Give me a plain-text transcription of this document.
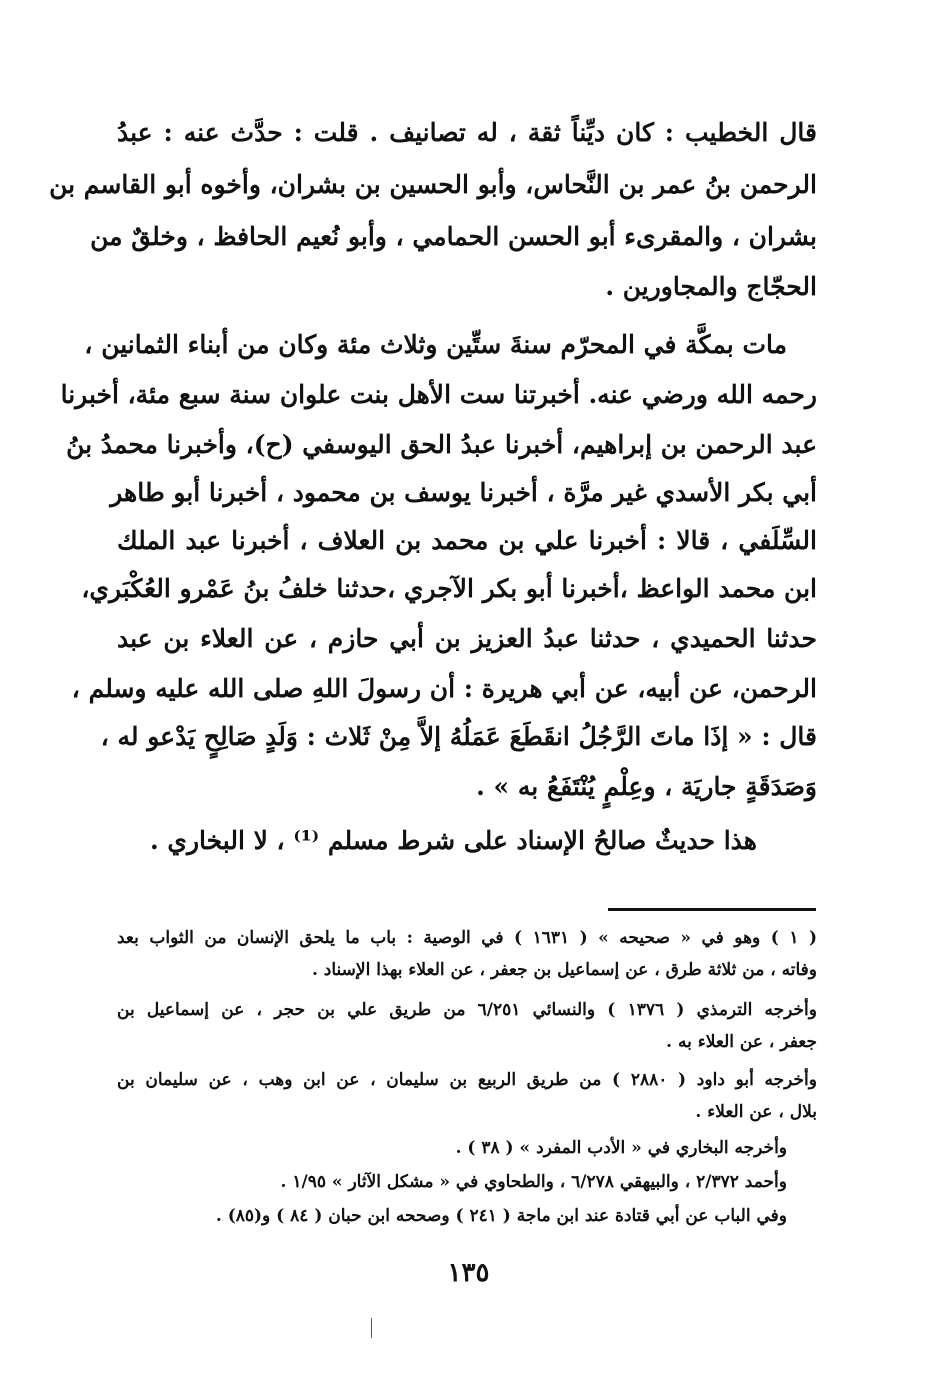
قال الخطيب : كان ديِّناً ثقة ، له تصانيف . قلت : حدَّث عنه : عبدُ
الرحمن بنُ عمر بن النَّحاس، وأبو الحسين بن بشران، وأخوه أبو القاسم بن
بشران ، والمقرىء أبو الحسن الحمامي ، وأبو نُعيم الحافظ ، وخلقٌ من
الحجّاج والمجاورين .
مات بمكَّة في المحرّم سنةَ ستِّين وثلاث مئة وكان من أبناء الثمانين ،
رحمه الله ورضي عنه. أخبرتنا ست الأهل بنت علوان سنة سبع مئة، أخبرنا
عبد الرحمن بن إبراهيم، أخبرنا عبدُ الحق اليوسفي (ح)، وأخبرنا محمدُ بنُ
أبي بكر الأسدي غير مرَّة ، أخبرنا يوسف بن محمود ، أخبرنا أبو طاهر
السِّلَفي ، قالا : أخبرنا علي بن محمد بن العلاف ، أخبرنا عبد الملك
ابن محمد الواعظ ،أخبرنا أبو بكر الآجري ،حدثنا خلفُ بنُ عَمْرو العُكْبَري،
حدثنا الحميدي ، حدثنا عبدُ العزيز بن أبي حازم ، عن العلاء بن عبد
الرحمن، عن أبيه، عن أبي هريرة : أن رسولَ اللهِ صلى الله عليه وسلم ،
قال : « إذَا ماتَ الرَّجُلُ انقَطَعَ عَمَلُهُ إلاَّ مِنْ ثَلاث : وَلَدٍ صَالِحٍ يَدْعو له ،
وَصَدَقَةٍ جاريَة ، وعِلْمٍ يُنْتَفَعُ به » .
هذا حديثٌ صالحُ الإسناد على شرط مسلم ⁽¹⁾ ، لا البخاري .
( ١ ) وهو في « صحيحه » ( ١٦٣١ ) في الوصية : باب ما يلحق الإنسان من الثواب بعد
وفاته ، من ثلاثة طرق ، عن إسماعيل بن جعفر ، عن العلاء بهذا الإسناد .
وأخرجه الترمذي ( ١٣٧٦ ) والنسائي ٦/٢٥١ من طريق علي بن حجر ، عن إسماعيل بن
جعفر ، عن العلاء به .
وأخرجه أبو داود ( ٢٨٨٠ ) من طريق الربيع بن سليمان ، عن ابن وهب ، عن سليمان بن
بلال ، عن العلاء .
وأخرجه البخاري في « الأدب المفرد » ( ٣٨ ) .
وأحمد ٢/٣٧٢ ، والبيهقي ٦/٢٧٨ ، والطحاوي في « مشكل الآثار » ١/٩٥ .
وفي الباب عن أبي قتادة عند ابن ماجة ( ٢٤١ ) وصححه ابن حبان ( ٨٤ ) و(٨٥) .
١٣٥
